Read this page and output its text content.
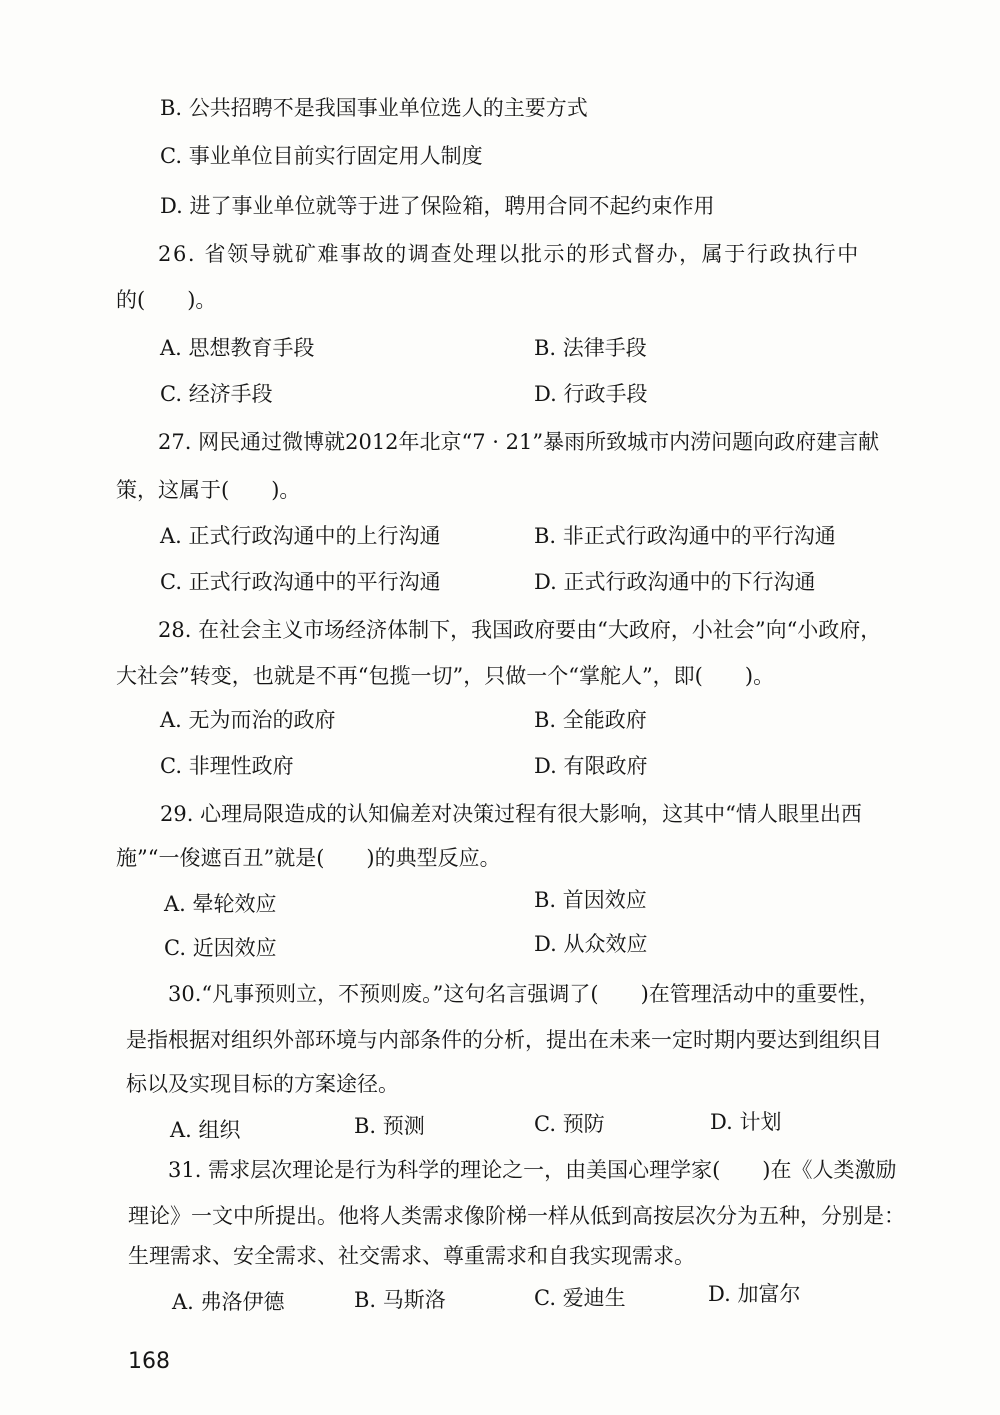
B. 公共招聘不是我国事业单位选人的主要方式
C. 事业单位目前实行固定用人制度
D. 进了事业单位就等于进了保险箱，聘用合同不起约束作用
26. 省领导就矿难事故的调查处理以批示的形式督办，属于行政执行中
的(　　)。
A. 思想教育手段	B. 法律手段
C. 经济手段	D. 行政手段
27. 网民通过微博就2012年北京“7 · 21”暴雨所致城市内涝问题向政府建言献
策，这属于(　　)。
A. 正式行政沟通中的上行沟通	B. 非正式行政沟通中的平行沟通
C. 正式行政沟通中的平行沟通	D. 正式行政沟通中的下行沟通
28. 在社会主义市场经济体制下，我国政府要由“大政府，小社会”向“小政府，
大社会”转变，也就是不再“包揽一切”，只做一个“掌舵人”，即(　　)。
A. 无为而治的政府	B. 全能政府
C. 非理性政府	D. 有限政府
29. 心理局限造成的认知偏差对决策过程有很大影响，这其中“情人眼里出西
施”“一俊遮百丑”就是(　　)的典型反应。
A. 晕轮效应	B. 首因效应
C. 近因效应	D. 从众效应
30.“凡事预则立，不预则废。”这句名言强调了(　　)在管理活动中的重要性，
是指根据对组织外部环境与内部条件的分析，提出在未来一定时期内要达到组织目
标以及实现目标的方案途径。
A. 组织	B. 预测	C. 预防	D. 计划
31. 需求层次理论是行为科学的理论之一，由美国心理学家(　　)在《人类激励
理论》一文中所提出。他将人类需求像阶梯一样从低到高按层次分为五种，分别是：
生理需求、安全需求、社交需求、尊重需求和自我实现需求。
A. 弗洛伊德	B. 马斯洛	C. 爱迪生	D. 加富尔
168
